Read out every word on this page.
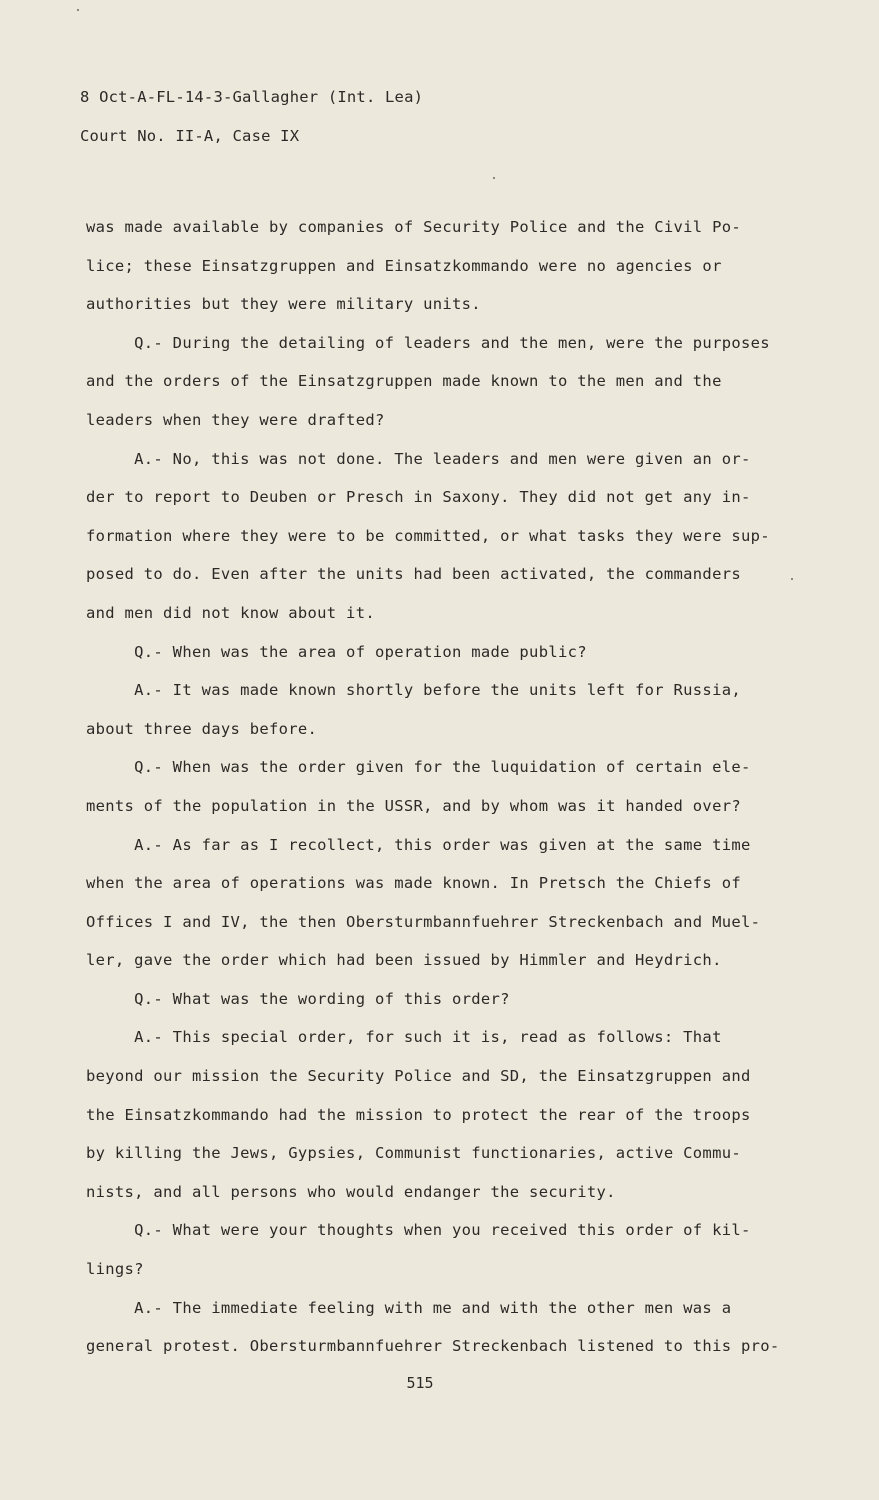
8 Oct-A-FL-14-3-Gallagher (Int. Lea)
Court No. II-A, Case IX
was made available by companies of Security Police and the Civil Po-
lice; these Einsatzgruppen and Einsatzkommando were no agencies or
authorities but they were military units.
Q.- During the detailing of leaders and the men, were the purposes
and the orders of the Einsatzgruppen made known to the men and the
leaders when they were drafted?
A.- No, this was not done. The leaders and men were given an or-
der to report to Deuben or Presch in Saxony. They did not get any in-
formation where they were to be committed, or what tasks they were sup-
posed to do. Even after the units had been activated, the commanders
and men did not know about it.
Q.- When was the area of operation made public?
A.- It was made known shortly before the units left for Russia,
about three days before.
Q.- When was the order given for the luquidation of certain ele-
ments of the population in the USSR, and by whom was it handed over?
A.- As far as I recollect, this order was given at the same time
when the area of operations was made known. In Pretsch the Chiefs of
Offices I and IV, the then Obersturmbannfuehrer Streckenbach and Muel-
ler, gave the order which had been issued by Himmler and Heydrich.
Q.- What was the wording of this order?
A.- This special order, for such it is, read as follows: That
beyond our mission the Security Police and SD, the Einsatzgruppen and
the Einsatzkommando had the mission to protect the rear of the troops
by killing the Jews, Gypsies, Communist functionaries, active Commu-
nists, and all persons who would endanger the security.
Q.- What were your thoughts when you received this order of kil-
lings?
A.- The immediate feeling with me and with the other men was a
general protest. Obersturmbannfuehrer Streckenbach listened to this pro-
515
